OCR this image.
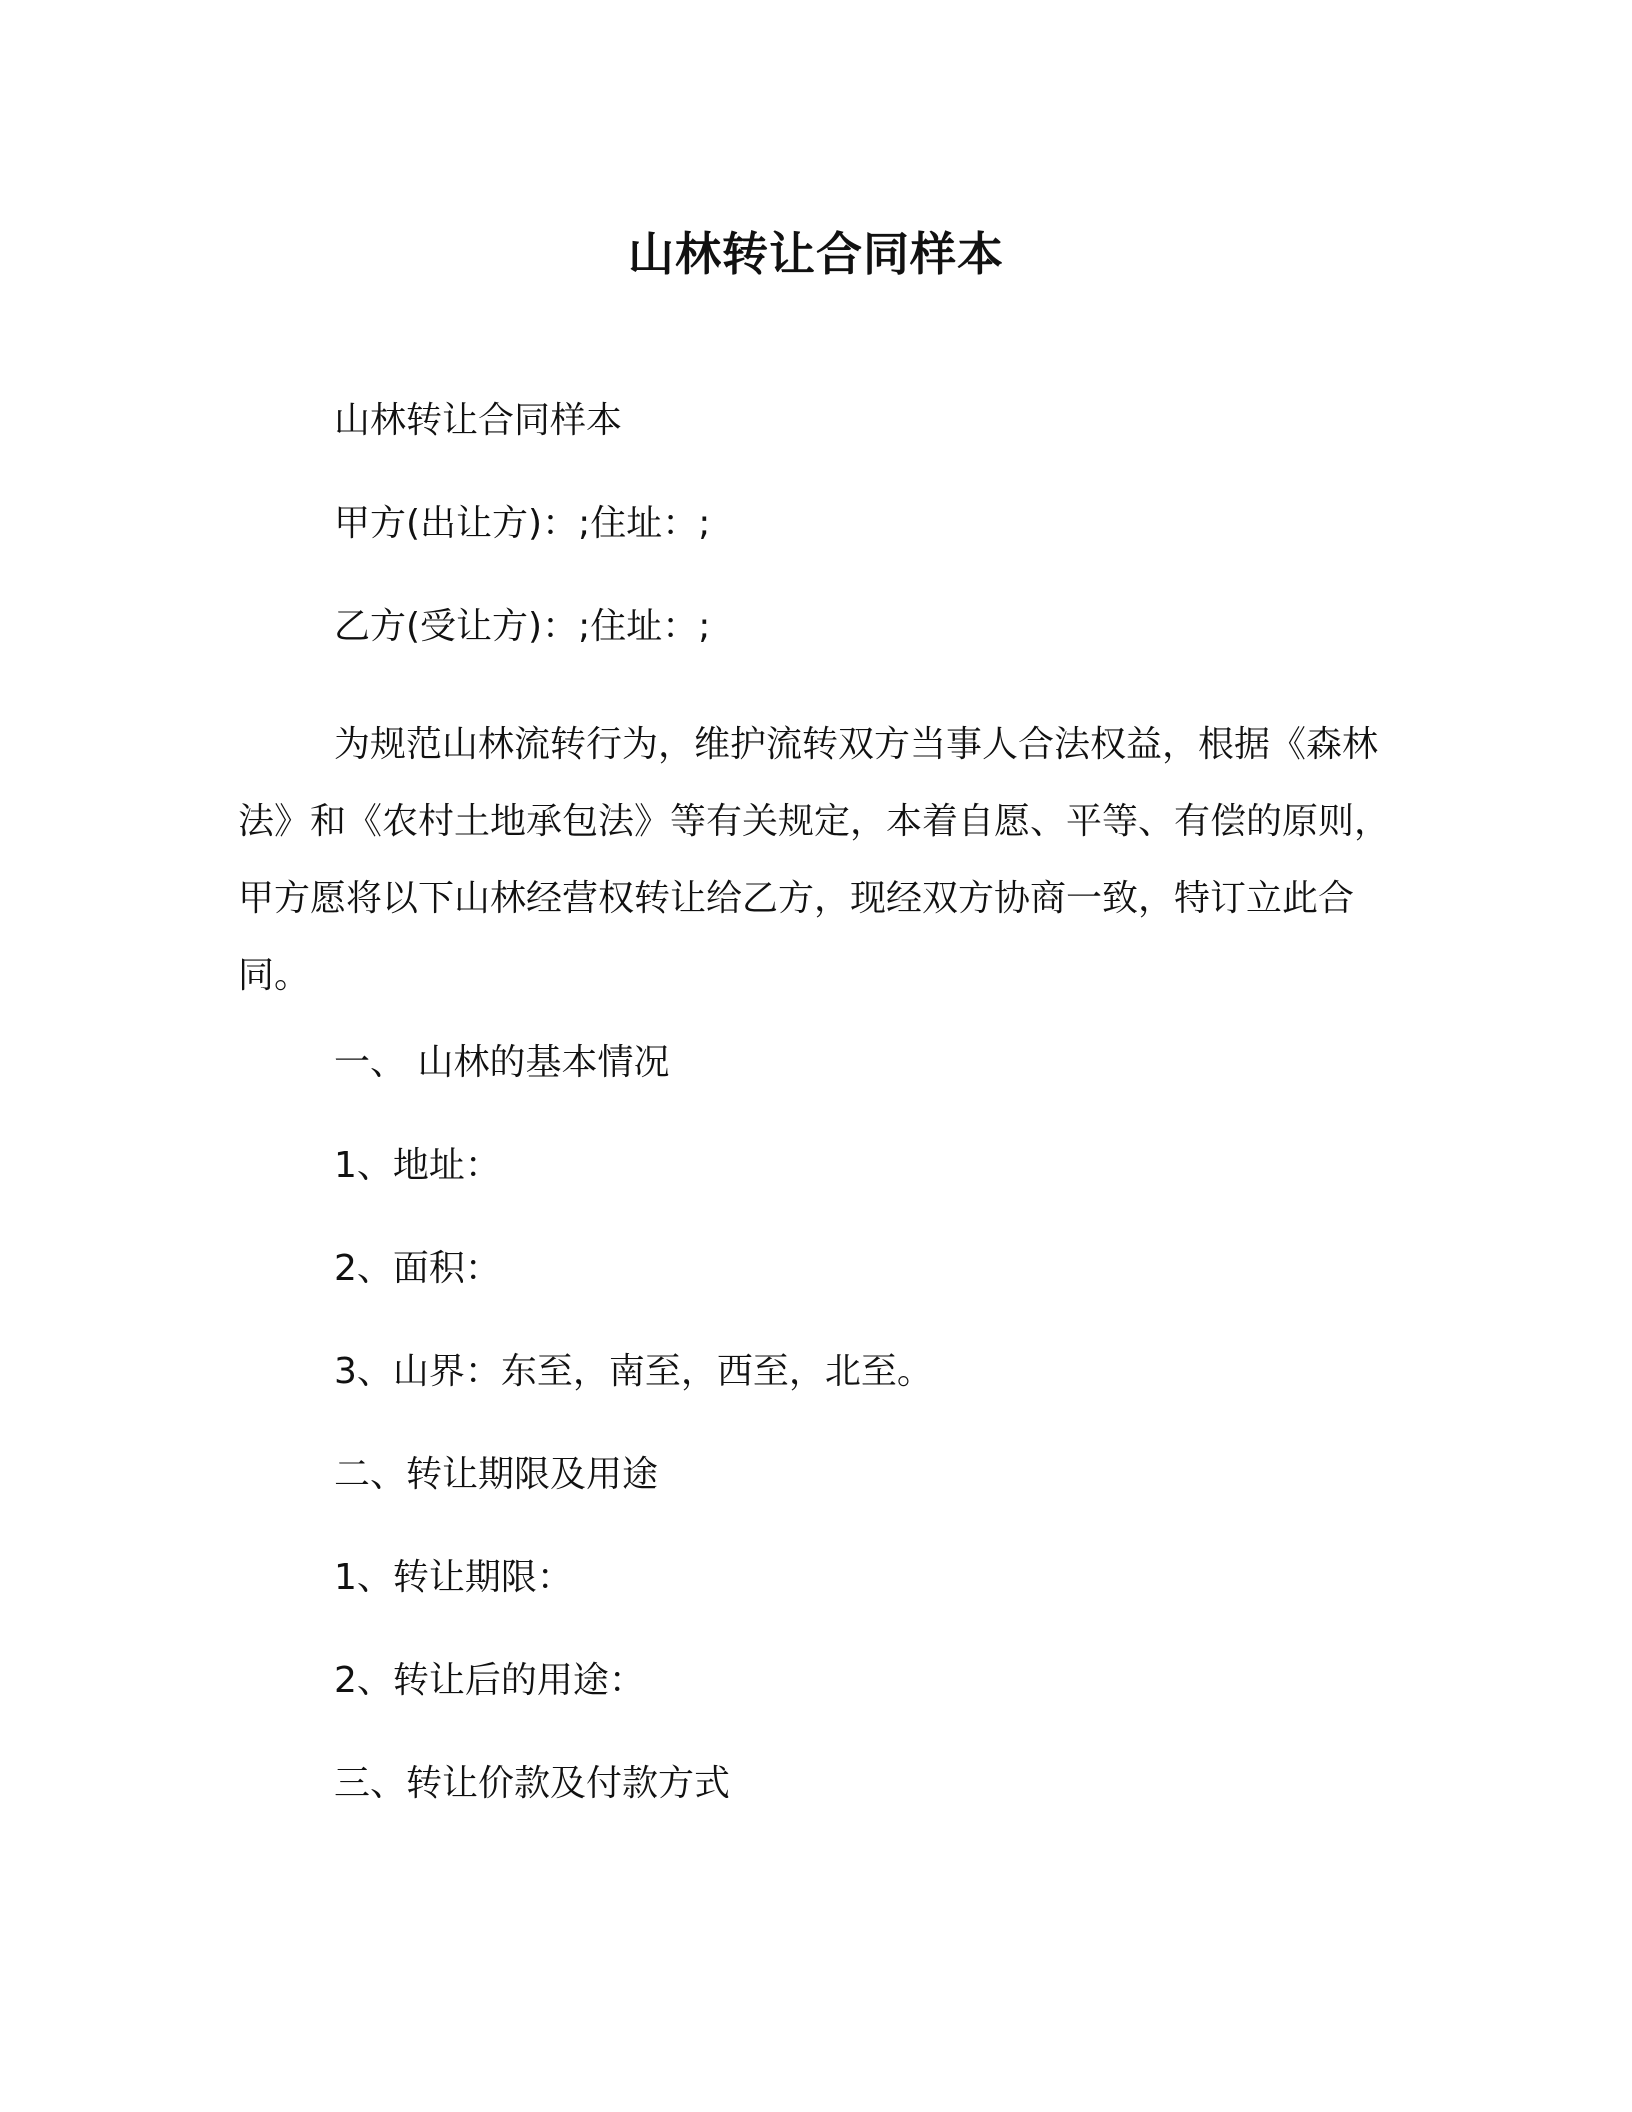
山林转让合同样本
山林转让合同样本
甲方(出让方)：;住址：;
乙方(受让方)：;住址：;

为规范山林流转行为，维护流转双方当事人合法权益，根据《森林法》和《农村土地承包法》等有关规定，本着自愿、平等、有偿的原则，甲方愿将以下山林经营权转让给乙方，现经双方协商一致，特订立此合同。

一、 山林的基本情况
1、地址：
2、面积：
3、山界：东至，南至，西至，北至。
二、转让期限及用途
1、转让期限：
2、转让后的用途：
三、转让价款及付款方式
